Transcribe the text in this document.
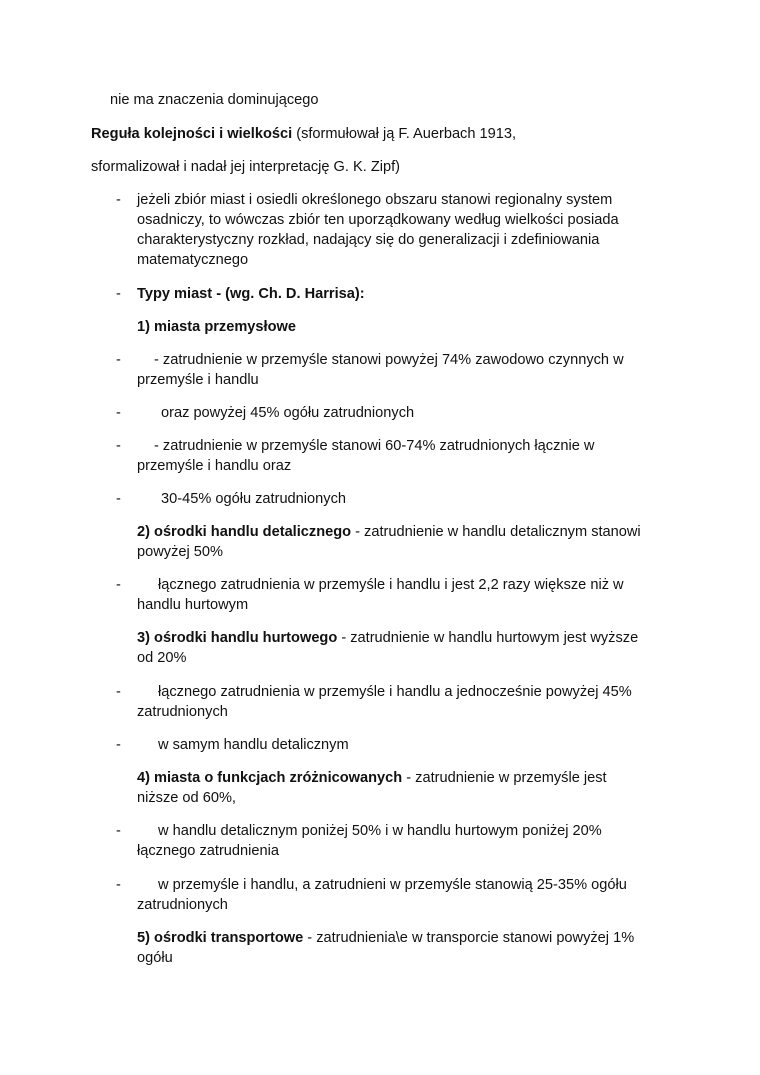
nie ma znaczenia dominującego
Reguła kolejności i wielkości (sformułował ją F. Auerbach 1913,
sformalizował i nadał jej interpretację G. K. Zipf)
- jeżeli zbiór miast i osiedli określonego obszaru stanowi regionalny system
osadniczy, to wówczas zbiór ten uporządkowany według wielkości posiada
charakterystyczny rozkład, nadający się do generalizacji i zdefiniowania
matematycznego
- Typy miast - (wg. Ch. D. Harrisa):
1) miasta przemysłowe
- - zatrudnienie w przemyśle stanowi powyżej 74% zawodowo czynnych w
przemyśle i handlu
-	oraz powyżej 45% ogółu zatrudnionych
- - zatrudnienie w przemyśle stanowi 60-74% zatrudnionych łącznie w
przemyśle i handlu oraz
-	30-45% ogółu zatrudnionych
2) ośrodki handlu detalicznego - zatrudnienie w handlu detalicznym stanowi
powyżej 50%
-	łącznego zatrudnienia w przemyśle i handlu i jest 2,2 razy większe niż w
handlu hurtowym
3) ośrodki handlu hurtowego - zatrudnienie w handlu hurtowym jest wyższe
od 20%
-	łącznego zatrudnienia w przemyśle i handlu a jednocześnie powyżej 45%
zatrudnionych
-	w samym handlu detalicznym
4) miasta o funkcjach zróżnicowanych - zatrudnienie w przemyśle jest
niższe od 60%,
-	w handlu detalicznym poniżej 50% i w handlu hurtowym poniżej 20%
łącznego zatrudnienia
-	w przemyśle i handlu, a zatrudnieni w przemyśle stanowią 25-35% ogółu
zatrudnionych
5) ośrodki transportowe - zatrudnienia\e w transporcie stanowi powyżej 1%
ogółu
